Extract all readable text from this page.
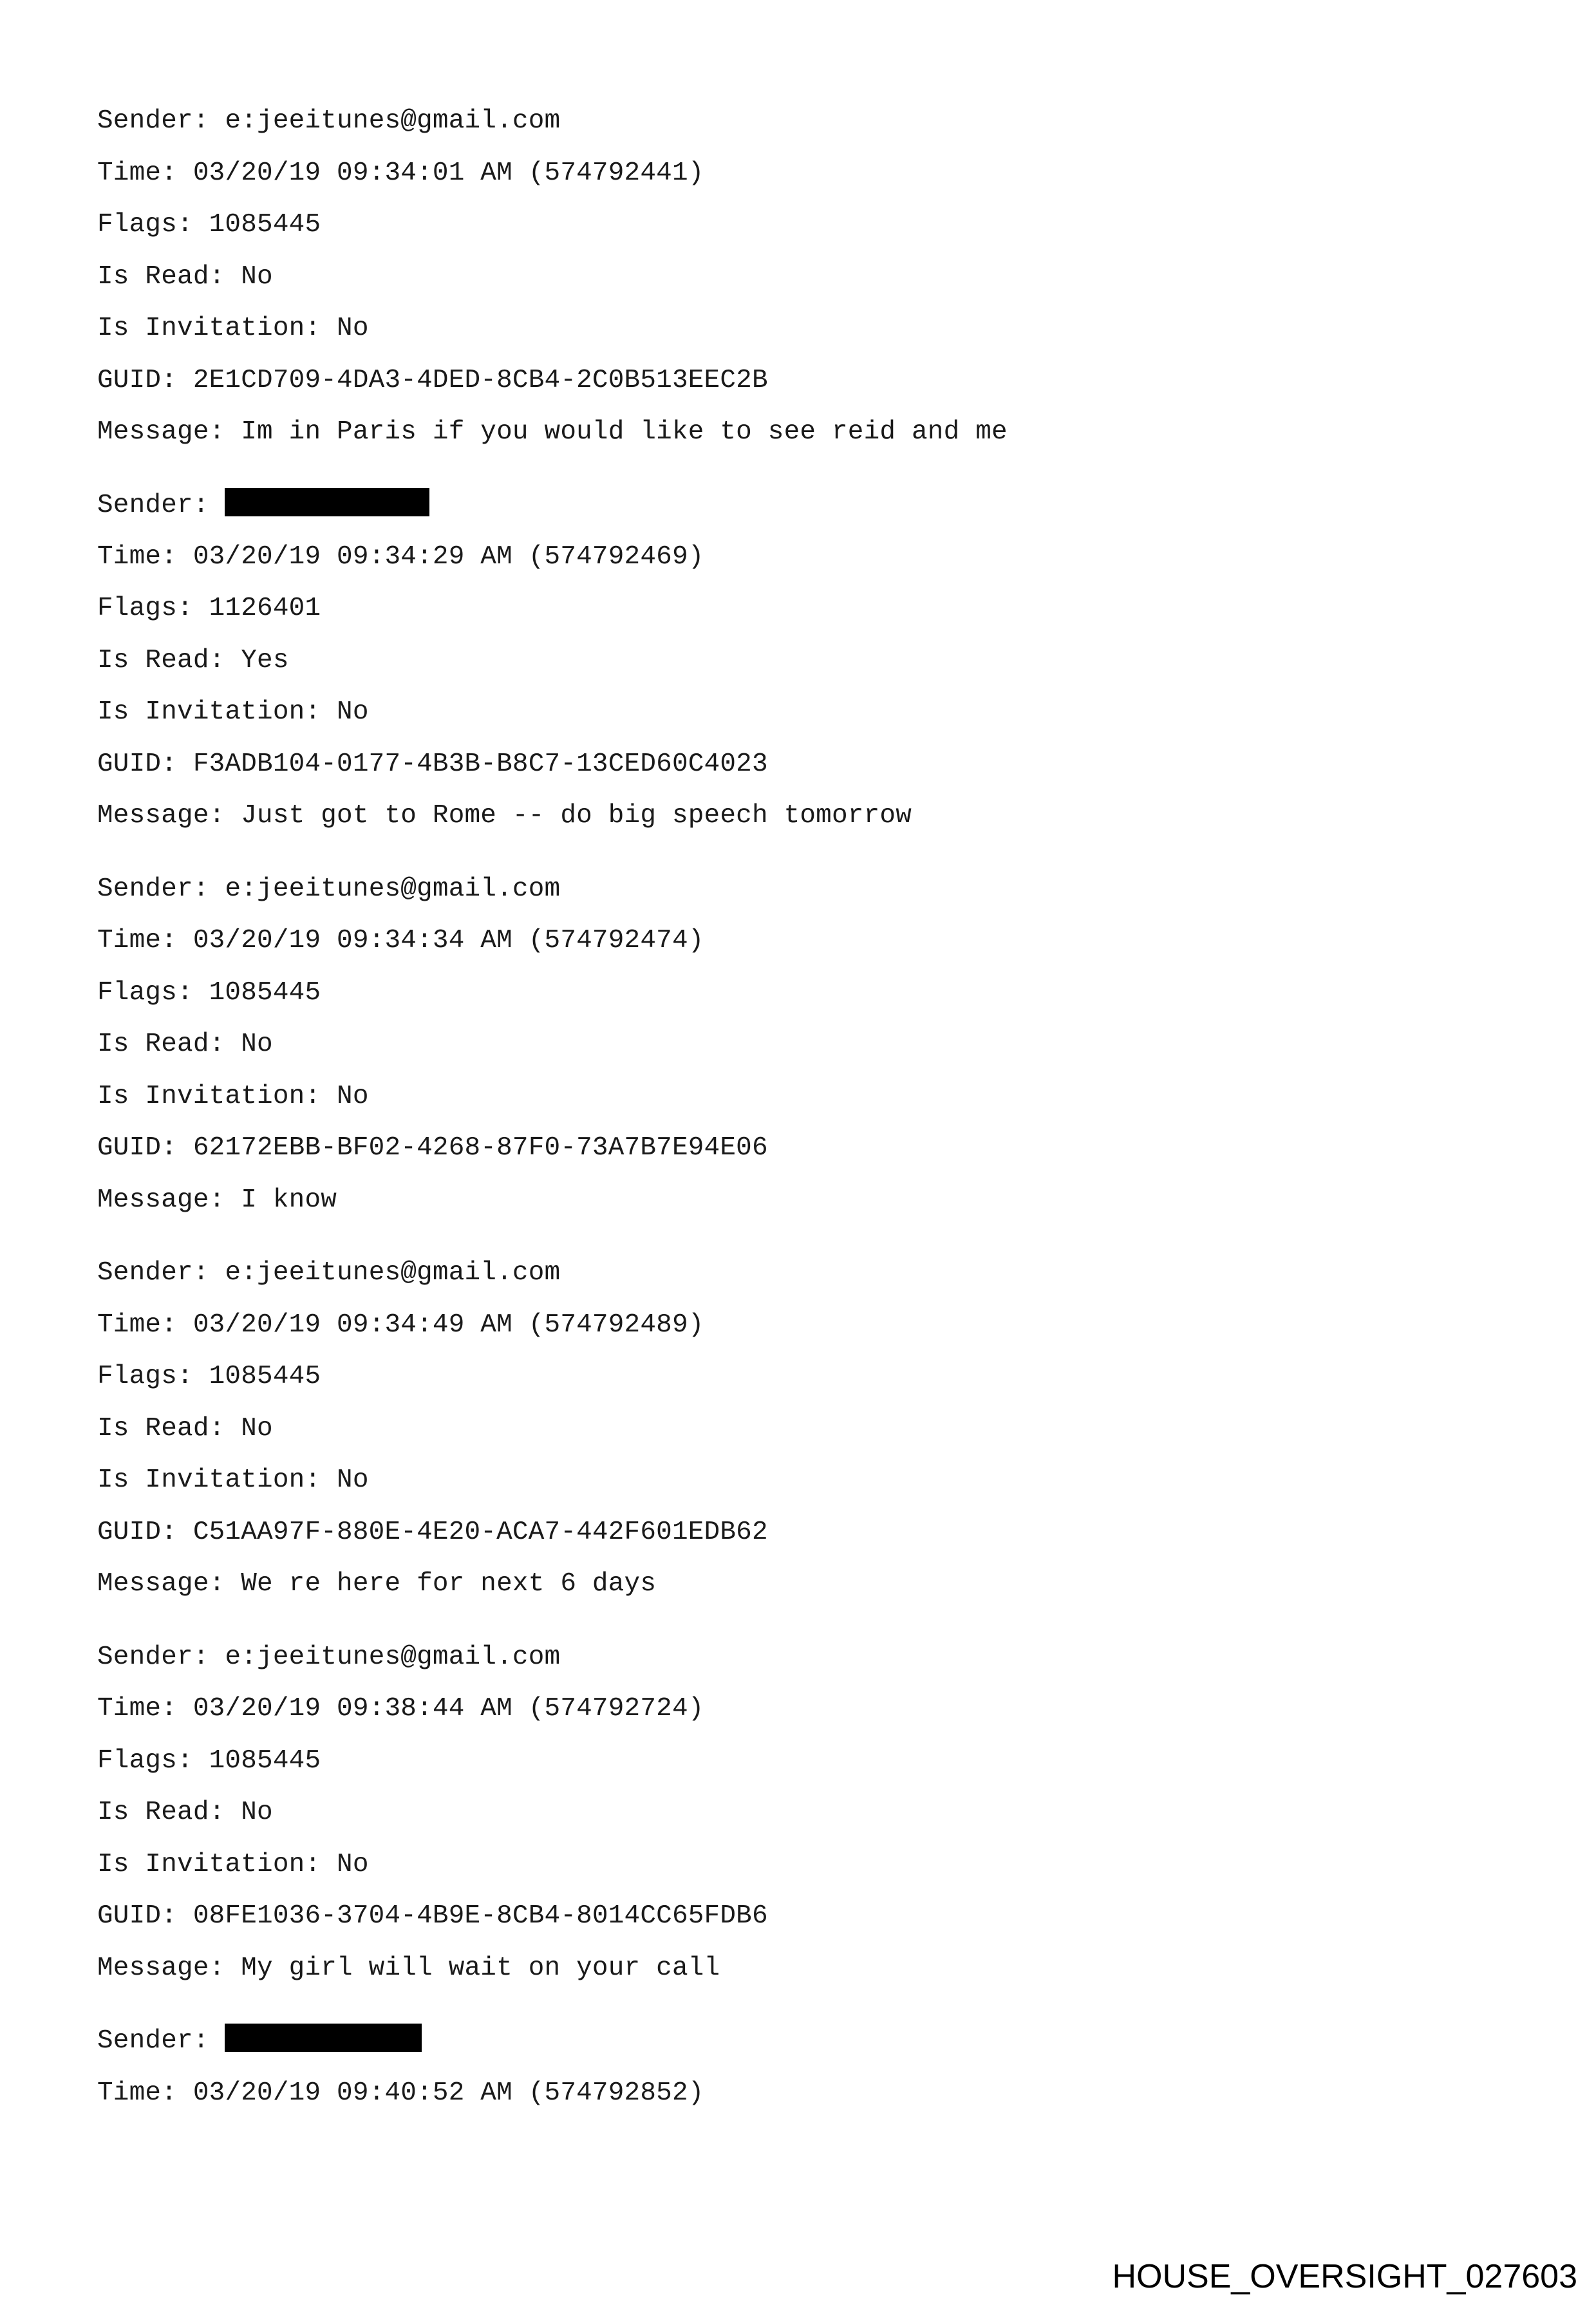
Sender: e:jeeitunes@gmail.com

Time: 03/20/19 09:34:01 AM (574792441)

Flags: 1085445

Is Read: No

Is Invitation: No

GUID: 2E1CD709-4DA3-4DED-8CB4-2C0B513EEC2B

Message: Im in Paris if you would like to see reid and me

Sender:

Time: 03/20/19 09:34:29 AM (574792469)

Flags: 1126401

Is Read: Yes

Is Invitation: No

GUID: F3ADB104-0177-4B3B-B8C7-13CED60C4023

Message: Just got to Rome -- do big speech tomorrow

Sender: e:jeeitunes@gmail.com

Time: 03/20/19 09:34:34 AM (574792474)

Flags: 1085445

Is Read: No

Is Invitation: No

GUID: 62172EBB-BF02-4268-87F0-73A7B7E94E06

Message: I know

Sender: e:jeeitunes@gmail.com

Time: 03/20/19 09:34:49 AM (574792489)

Flags: 1085445

Is Read: No

Is Invitation: No

GUID: C51AA97F-880E-4E20-ACA7-442F601EDB62

Message: We re here for next 6 days

Sender: e:jeeitunes@gmail.com

Time: 03/20/19 09:38:44 AM (574792724)

Flags: 1085445

Is Read: No

Is Invitation: No

GUID: 08FE1036-3704-4B9E-8CB4-8014CC65FDB6

Message: My girl will wait on your call

Sender:

Time: 03/20/19 09:40:52 AM (574792852)

HOUSE_OVERSIGHT_027603
